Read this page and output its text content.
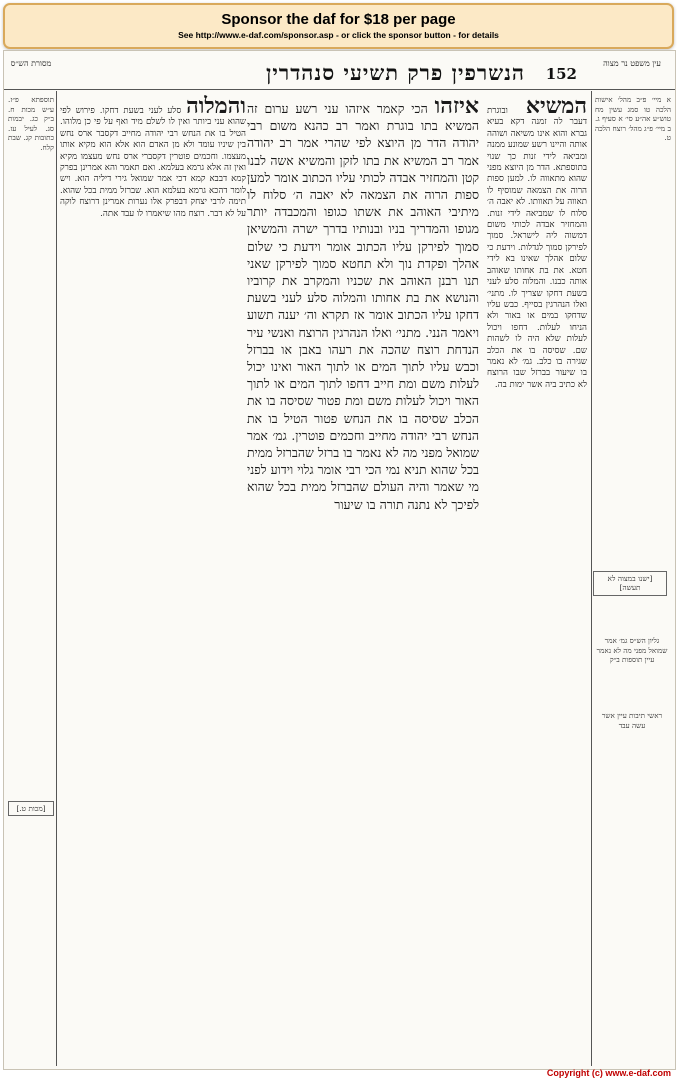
Sponsor the daf for $18 per page
See http://www.e-daf.com/sponsor.asp - or click the sponsor button - for details
152
הנשרפין פרק תשיעי סנהדרין	עין משפט נר מצוה
מסורת הש״ס

א מיי׳ פ״ב מהל׳ אישות הלכה טו סמג עשין מח טוש״ע אה״ע סי׳ א סעיף ג. ב מיי׳ פ״ג מהל׳ רוצח הלכה ט.

[ישנו במצוה לא תעשה]

גליון הש״ס גמ׳ אמר שמואל מפני מה לא נאמר עיין תוספות ב״ק

ראשי תיבות עיין אשר עשה עבד

המשיא ובוגרת דעבר לה זמנה דקא בעיא גברא והוא אינו משיאה ושוהה אותה והיינו רשע שמונע ממנה ומביאה לידי זנות כך שנוי בתוספתא. הדר מן היוצא מפני שהוא מתאווה לו. למען ספות הרוה את הצמאה שמוסיף לו תאווה על תאוותו. לא יאבה ה׳ סלוח לו שמביאה לידי זנות. והמחזיר אבדה לכותי משום דמשוה ליה לישראל. סמוך לפירקן סמוך לגדלות. וידעת כי שלום אהלך שאינו בא לידי חטא. את בת אחותו שאוהב אותה כבנו. והמלוה סלע לעני בשעת דחקו שצריך לו. מתני׳ ואלו הנהרגין בסייף. כבש עליו שדחקו במים או באור ולא הניחו לעלות. דחפו ויכול לעלות שלא היה לו לשהות שם. שסיסה בו את הכלב שגירה בו כלב. גמ׳ לא נאמר בו שיעור בברזל שבו הרוצח לא כתיב ביה אשר ימות בה.

איזהו הכי קאמר איזהו עני רשע ערום זה המשיא בתו בוגרת ואמר רב כהנא משום רבי יהודה הדר מן היוצא לפי שהרי אמר רב יהודה אמר רב המשיא את בתו לזקן והמשיא אשה לבנו קטן והמחזיר אבדה לכותי עליו הכתוב אומר למען ספות הרוה את הצמאה לא יאבה ה׳ סלוח לו מיתיבי האוהב את אשתו כגופו והמכבדה יותר מגופו והמדריך בניו ובנותיו בדרך ישרה והמשיאן סמוך לפירקן עליו הכתוב אומר וידעת כי שלום אהלך ופקדת נוך ולא תחטא סמוך לפירקן שאני תנו רבנן האוהב את שכניו והמקרב את קרוביו והנושא את בת אחותו והמלוה סלע לעני בשעת דחקו עליו הכתוב אומר אז תקרא וה׳ יענה תשוע ויאמר הנני. מתני׳ ואלו הנהרגין הרוצח ואנשי עיר הנדחת רוצח שהכה את רעהו באבן או בברזל וכבש עליו לתוך המים או לתוך האור ואינו יכול לעלות משם ומת חייב דחפו לתוך המים או לתוך האור ויכול לעלות משם ומת פטור שסיסה בו את הכלב שסיסה בו את הנחש פטור הטיל בו את הנחש רבי יהודה מחייב וחכמים פוטרין. גמ׳ אמר שמואל מפני מה לא נאמר בו ברזל שהברזל ממית בכל שהוא תניא נמי הכי רבי אומר גלוי וידוע לפני מי שאמר והיה העולם שהברזל ממית בכל שהוא לפיכך לא נתנה תורה בו שיעור

והמלוה סלע לעני בשעת דחקו. פירוש לפי שהוא עני ביותר ואין לו לשלם מיד ואף על פי כן מלוהו. הטיל בו את הנחש רבי יהודה מחייב דקסבר ארס נחש בין שיניו עומד ולא מן האדם הוא אלא הוא מקיא אותו מעצמו. וחכמים פוטרין דקסברי ארס נחש מעצמו מקיא ואין זה אלא גרמא בעלמא. ואם תאמר והא אמרינן בפרק קמא דבבא קמא דכי אמר שמואל גירי דיליה הוא. ויש לומר דהכא גרמא בעלמא הוא. שברזל ממית בכל שהוא. תימה לרבי יצחק דבפרק אלו נערות אמרינן דרוצח לוקה על לא דבר. רוצח מהו שיאמרו לו עבד אתה.

תוספתא פ״ז. ע״ש מכות ח. ב״ק כג. יבמות סג. לעיל עז. כתובות קג. שבת קלח.

[מכות ט.]
Copyright (c) www.e-daf.com
